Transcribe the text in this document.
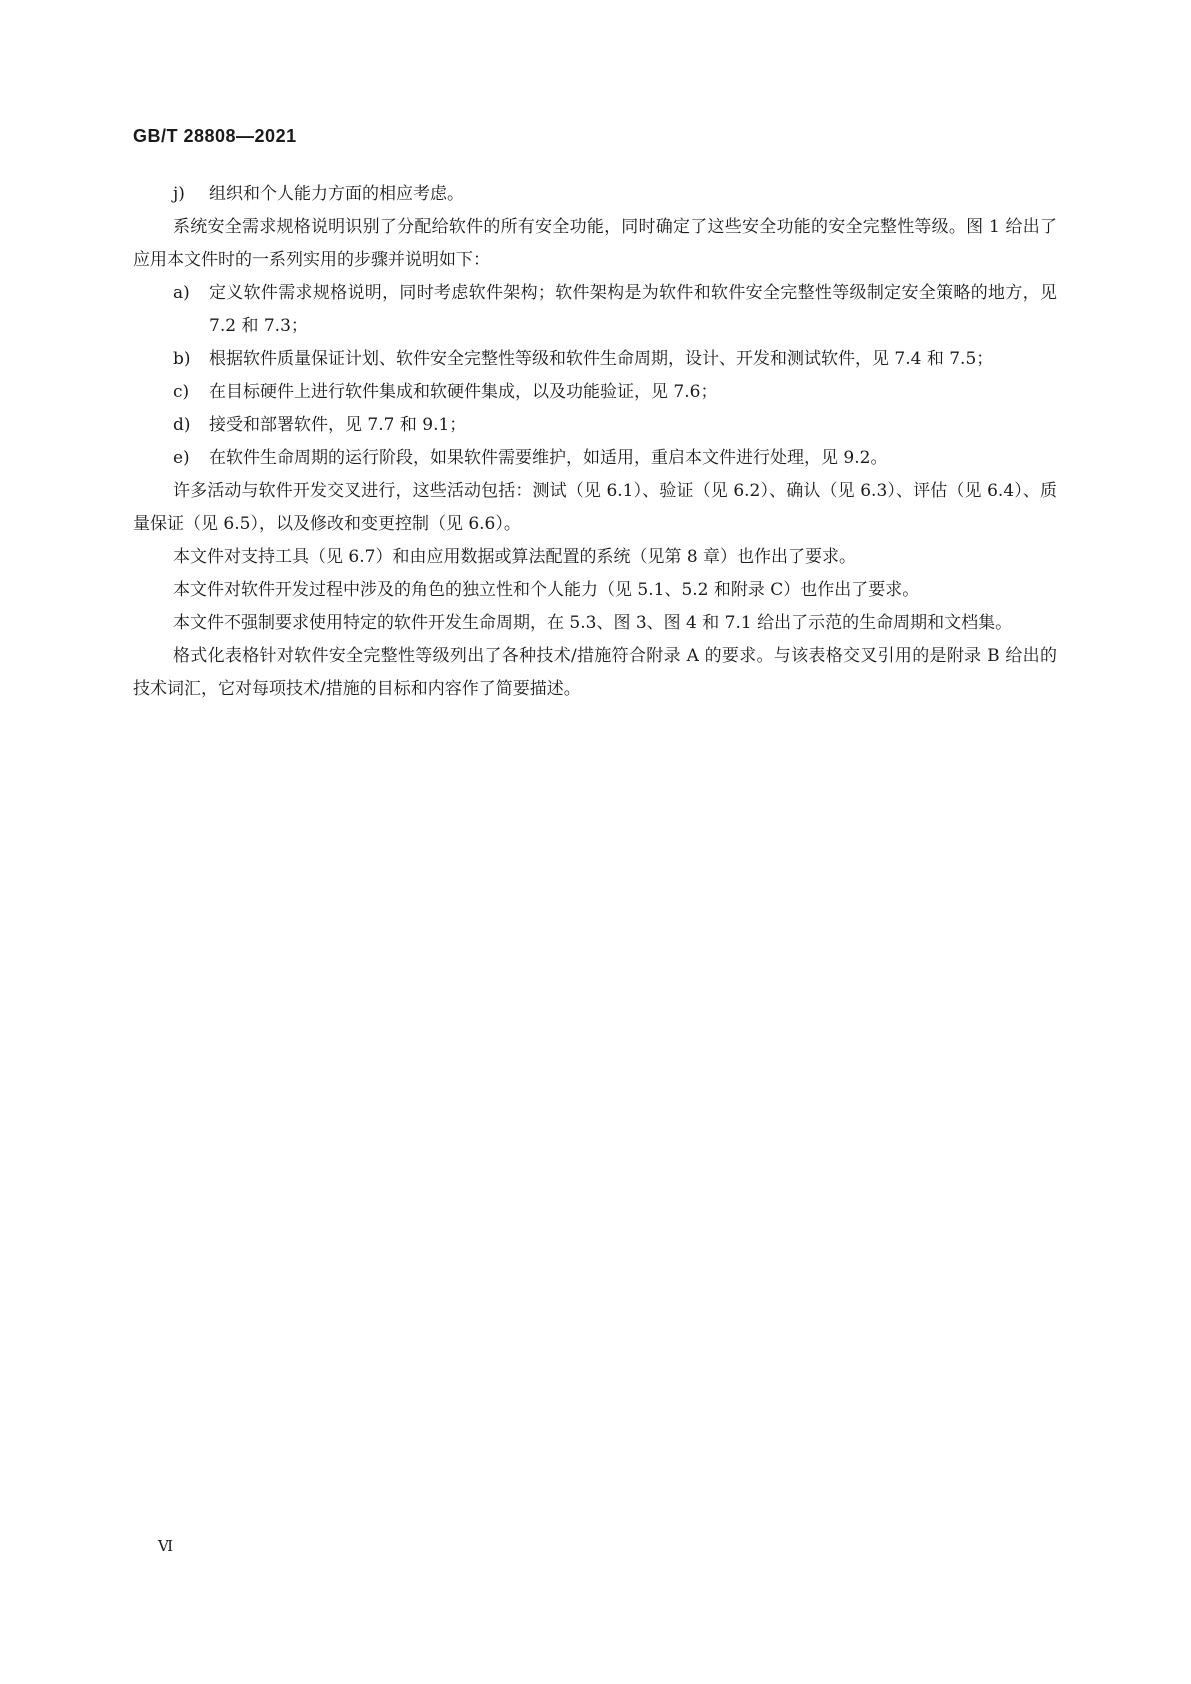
GB/T 28808—2021

j) 组织和个人能力方面的相应考虑。

系统安全需求规格说明识别了分配给软件的所有安全功能，同时确定了这些安全功能的安全完整性等级。图 1 给出了应用本文件时的一系列实用的步骤并说明如下：

a) 定义软件需求规格说明，同时考虑软件架构；软件架构是为软件和软件安全完整性等级制定安全策略的地方，见 7.2 和 7.3；

b) 根据软件质量保证计划、软件安全完整性等级和软件生命周期，设计、开发和测试软件，见 7.4 和 7.5；

c) 在目标硬件上进行软件集成和软硬件集成，以及功能验证，见 7.6；

d) 接受和部署软件，见 7.7 和 9.1；

e) 在软件生命周期的运行阶段，如果软件需要维护，如适用，重启本文件进行处理，见 9.2。

许多活动与软件开发交叉进行，这些活动包括：测试（见 6.1）、验证（见 6.2）、确认（见 6.3）、评估（见 6.4）、质量保证（见 6.5），以及修改和变更控制（见 6.6）。

本文件对支持工具（见 6.7）和由应用数据或算法配置的系统（见第 8 章）也作出了要求。

本文件对软件开发过程中涉及的角色的独立性和个人能力（见 5.1、5.2 和附录 C）也作出了要求。

本文件不强制要求使用特定的软件开发生命周期，在 5.3、图 3、图 4 和 7.1 给出了示范的生命周期和文档集。

格式化表格针对软件安全完整性等级列出了各种技术/措施符合附录 A 的要求。与该表格交叉引用的是附录 B 给出的技术词汇，它对每项技术/措施的目标和内容作了简要描述。

Ⅵ
